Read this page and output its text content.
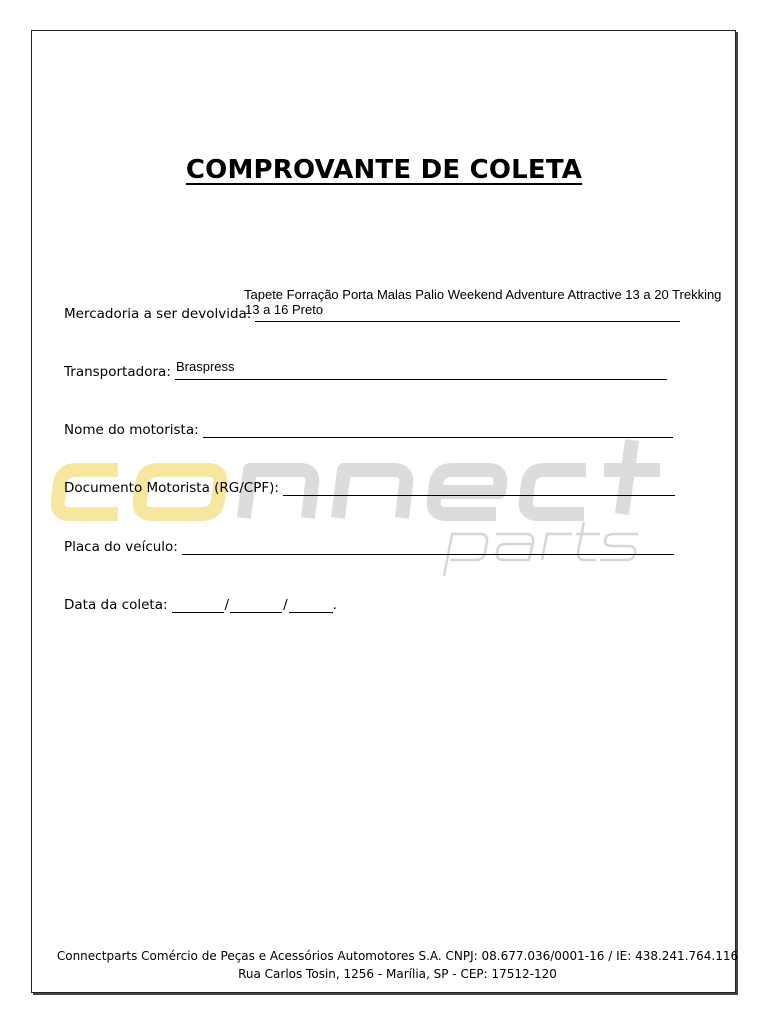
COMPROVANTE DE COLETA
Mercadoria a ser devolvida:
Tapete Forração Porta Malas Palio Weekend Adventure Attractive 13 a 20 Trekking
13 a 16 Preto
Transportadora: Braspress
Nome do motorista:
Documento Motorista (RG/CPF):
Placa do veículo:
Data da coleta:	/	/	.
Connectparts Comércio de Peças e Acessórios Automotores S.A. CNPJ: 08.677.036/0001-16 / IE: 438.241.764.116
Rua Carlos Tosin, 1256 - Marília, SP - CEP: 17512-120
